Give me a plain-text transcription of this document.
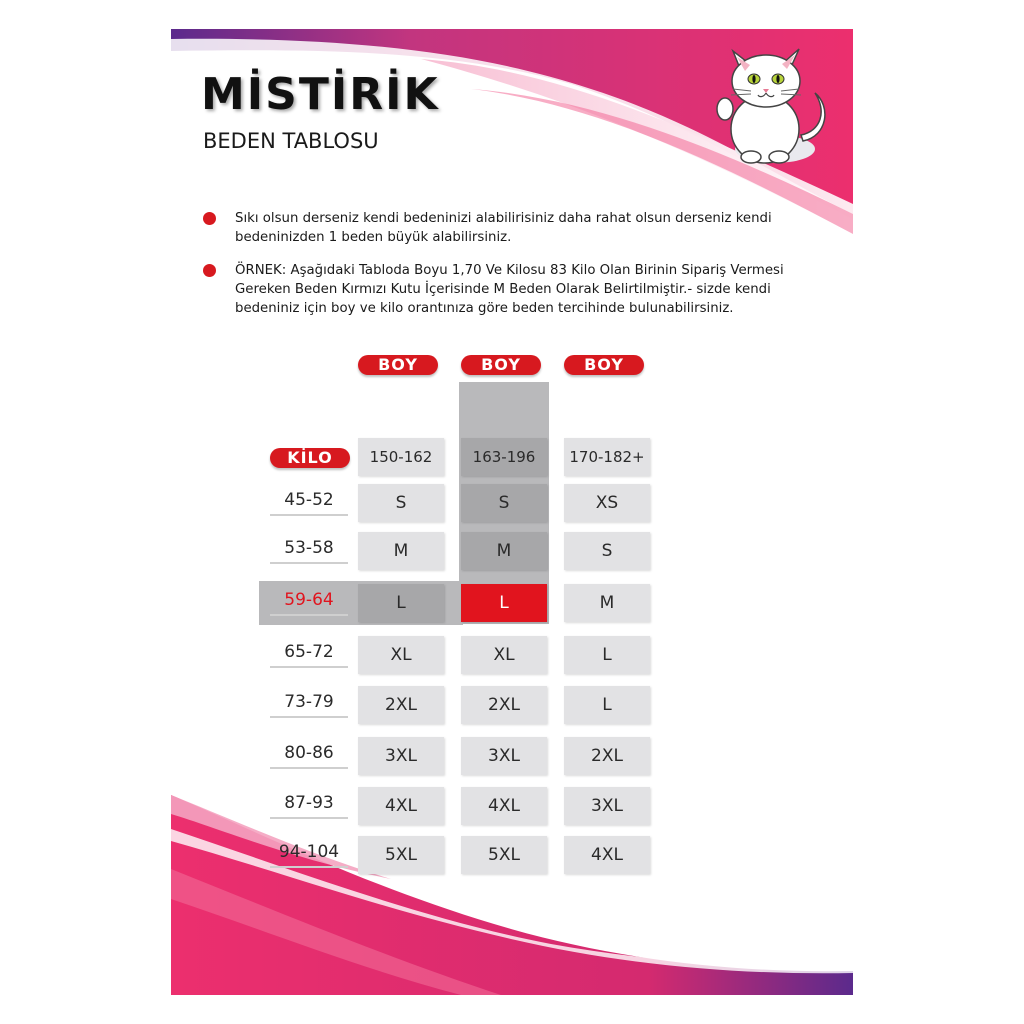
MİSTİRİK
BEDEN TABLOSU
Sıkı olsun derseniz kendi bedeninizi alabilirisiniz daha rahat olsun derseniz kendi bedeninizden 1 beden büyük alabilirsiniz.
ÖRNEK: Aşağıdaki Tabloda Boyu 1,70 Ve Kilosu 83 Kilo Olan Birinin Sipariş Vermesi Gereken Beden Kırmızı Kutu İçerisinde M Beden Olarak Belirtilmiştir.- sizde kendi bedeniniz için boy ve kilo orantınıza göre beden tercihinde bulunabilirsiniz.
BOY	BOY	BOY
KİLO	150-162	163-196	170-182+
45-52	S	S	XS
53-58	M	M	S
59-64	L	L	M
65-72	XL	XL	L
73-79	2XL	2XL	L
80-86	3XL	3XL	2XL
87-93	4XL	4XL	3XL
94-104	5XL	5XL	4XL
